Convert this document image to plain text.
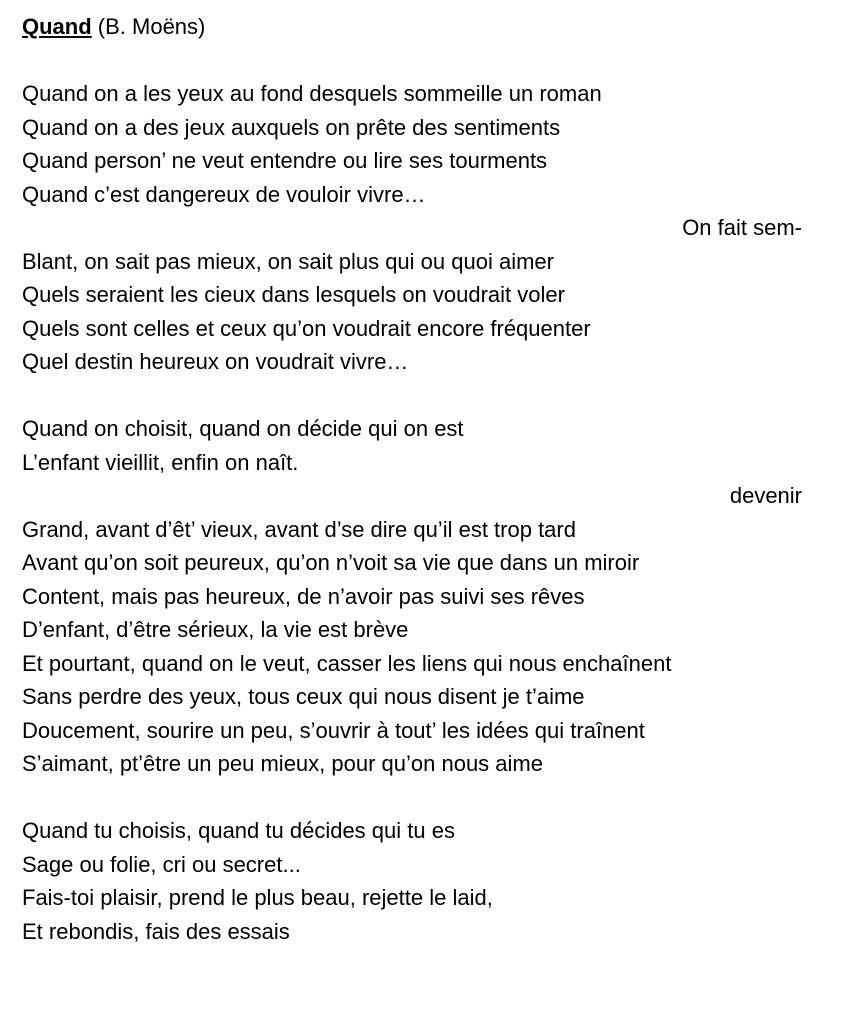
Quand (B. Moëns)
Quand on a les yeux au fond desquels sommeille un roman
Quand on a des jeux auxquels on prête des sentiments
Quand person’ ne veut entendre ou lire ses tourments
Quand c’est dangereux de vouloir vivre…
On fait sem-
Blant, on sait pas mieux, on sait plus qui ou quoi aimer
Quels seraient les cieux dans lesquels on voudrait voler
Quels sont celles et ceux qu’on voudrait encore fréquenter
Quel destin heureux on voudrait vivre…
Quand on choisit, quand on décide qui on est
L’enfant vieillit, enfin on naît.
devenir
Grand, avant d’êt’ vieux, avant d’se dire qu’il est trop tard
Avant qu’on soit peureux, qu’on n’voit sa vie que dans un miroir
Content, mais pas heureux, de n’avoir pas suivi ses rêves
D’enfant, d’être sérieux, la vie est brève
Et pourtant, quand on le veut, casser les liens qui nous enchaînent
Sans perdre des yeux, tous ceux qui nous disent je t’aime
Doucement, sourire un peu, s’ouvrir à tout’ les idées qui traînent
S’aimant, pt’être un peu mieux, pour qu’on nous aime
Quand tu choisis, quand tu décides qui tu es
Sage ou folie, cri ou secret...
Fais-toi plaisir, prend le plus beau, rejette le laid,
Et rebondis, fais des essais
